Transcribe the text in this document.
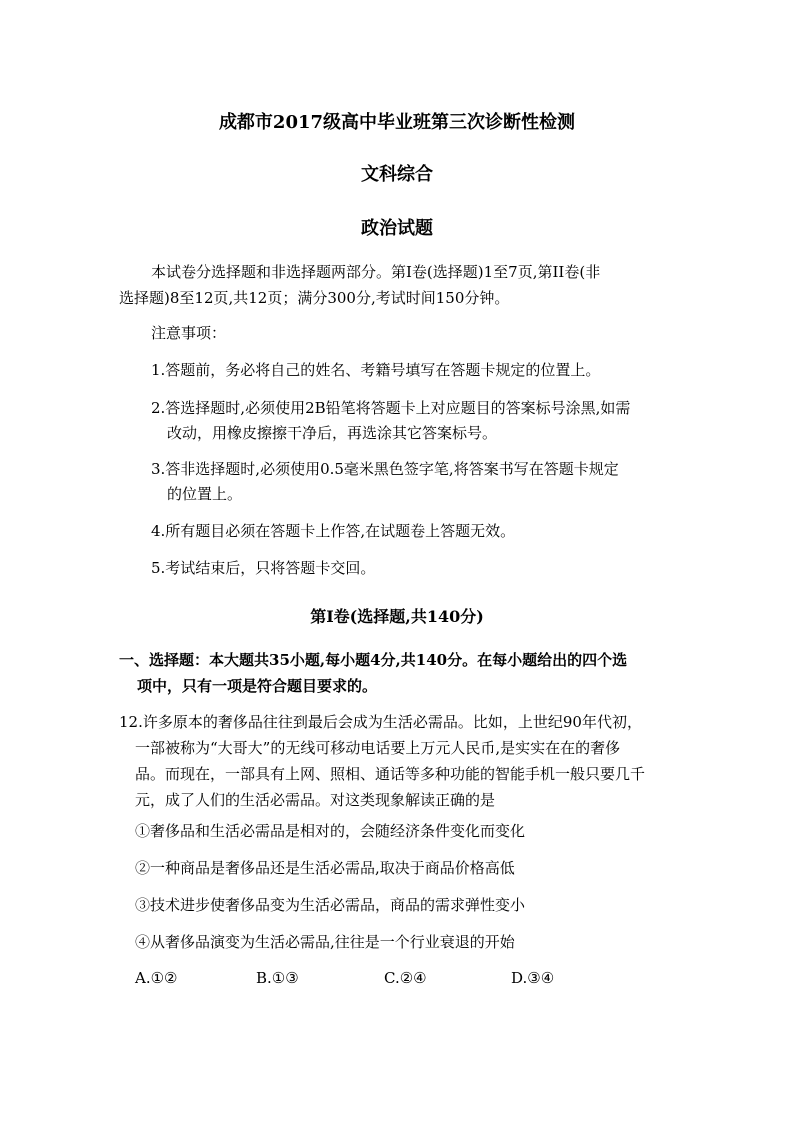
成都市2017级高中毕业班第三次诊断性检测
文科综合
政治试题
本试卷分选择题和非选择题两部分。第I卷(选择题)1至7页,第II卷(非
选择题)8至12页,共12页；满分300分,考试时间150分钟。
注意事项：
1.答题前，务必将自己的姓名、考籍号填写在答题卡规定的位置上。
2.答选择题时,必须使用2B铅笔将答题卡上对应题目的答案标号涂黑,如需
改动，用橡皮擦擦干净后，再选涂其它答案标号。
3.答非选择题时,必须使用0.5毫米黑色签字笔,将答案书写在答题卡规定
的位置上。
4.所有题目必须在答题卡上作答,在试题卷上答题无效。
5.考试结束后，只将答题卡交回。
第I卷(选择题,共140分)
一、选择题：本大题共35小题,每小题4分,共140分。在每小题给出的四个选
项中，只有一项是符合题目要求的。
12.许多原本的奢侈品往往到最后会成为生活必需品。比如，上世纪90年代初，
一部被称为“大哥大”的无线可移动电话要上万元人民币,是实实在在的奢侈
品。而现在，一部具有上网、照相、通话等多种功能的智能手机一般只要几千
元，成了人们的生活必需品。对这类现象解读正确的是
①奢侈品和生活必需品是相对的，会随经济条件变化而变化
②一种商品是奢侈品还是生活必需品,取决于商品价格高低
③技术进步使奢侈品变为生活必需品，商品的需求弹性变小
④从奢侈品演变为生活必需品,往往是一个行业衰退的开始
A.①②	B.①③	C.②④	D.③④
